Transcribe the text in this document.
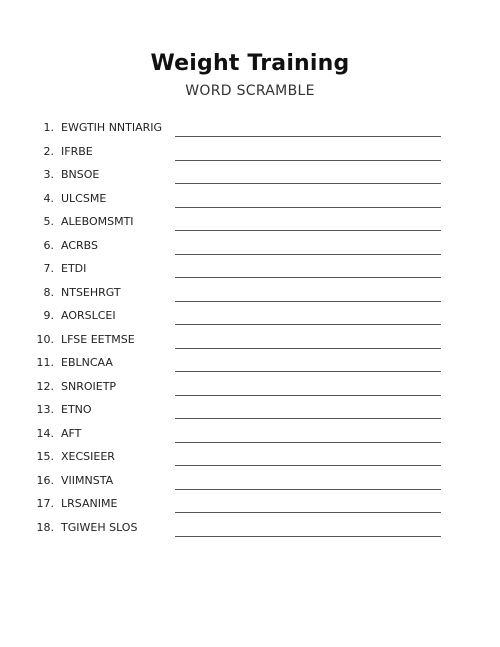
Weight Training
WORD SCRAMBLE
1. EWGTIH NNTIARIG
2. IFRBE
3. BNSOE
4. ULCSME
5. ALEBOMSMTI
6. ACRBS
7. ETDI
8. NTSEHRGT
9. AORSLCEI
10. LFSE EETMSE
11. EBLNCAA
12. SNROIETP
13. ETNO
14. AFT
15. XECSIEER
16. VIIMNSTA
17. LRSANIME
18. TGIWEH SLOS
